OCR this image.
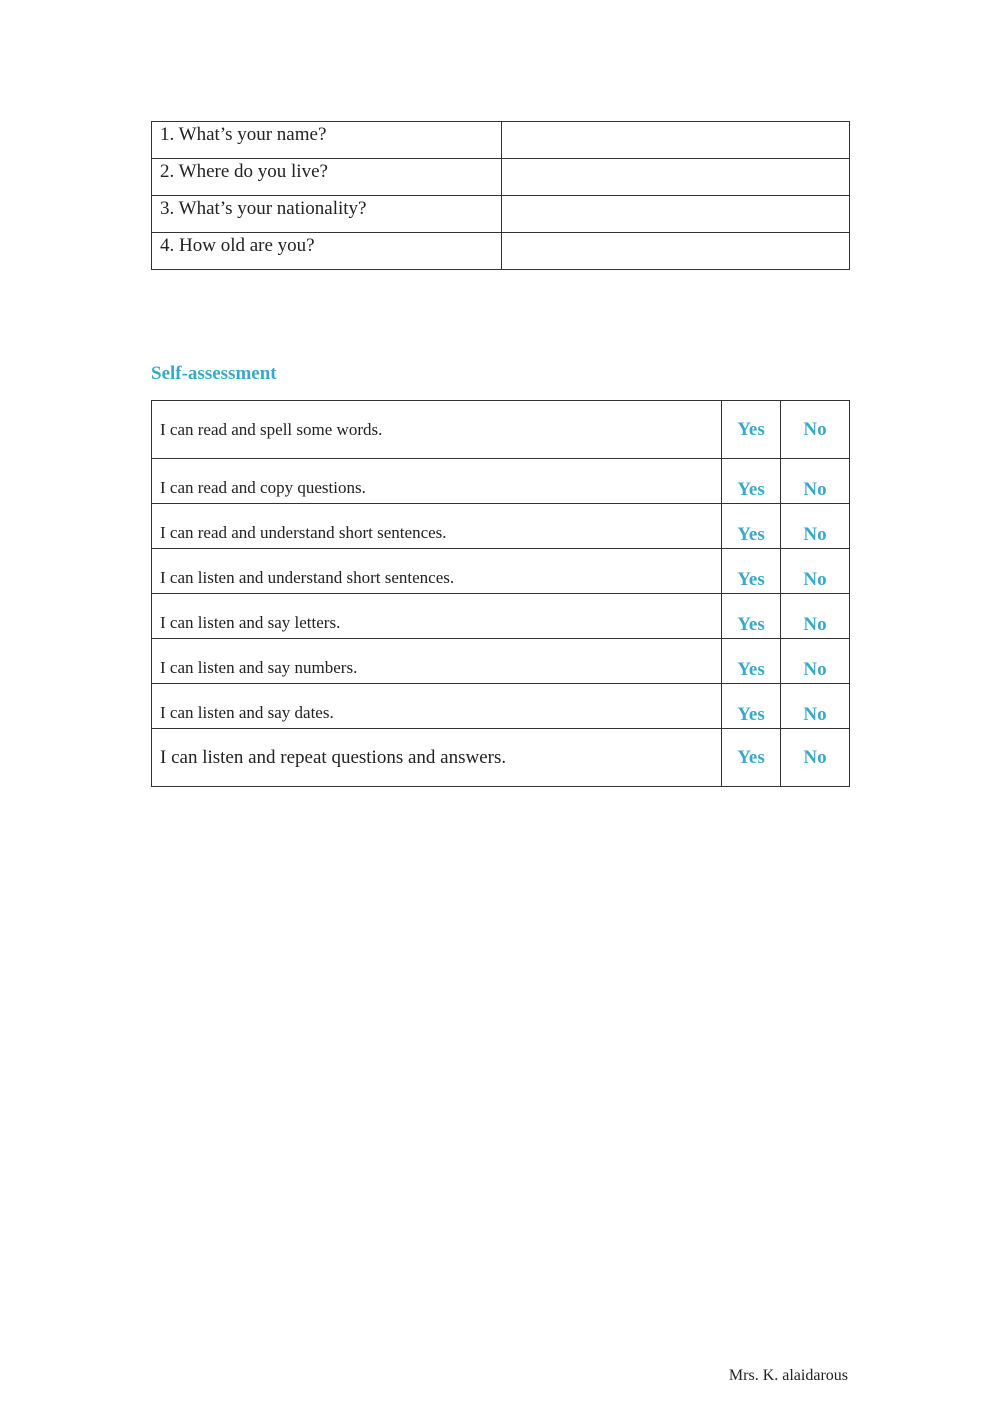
1. What’s your name?	
2. Where do you live?	
3. What’s your nationality?	
4. How old are you?	
Self-assessment
I can read and spell some words.	Yes	No
I can read and copy questions.	Yes	No
I can read and understand short sentences.	Yes	No
I can listen and understand short sentences.	Yes	No
I can listen and say letters.	Yes	No
I can listen and say numbers.	Yes	No
I can listen and say dates.	Yes	No
I can listen and repeat questions and answers.	Yes	No
Mrs. K. alaidarous
